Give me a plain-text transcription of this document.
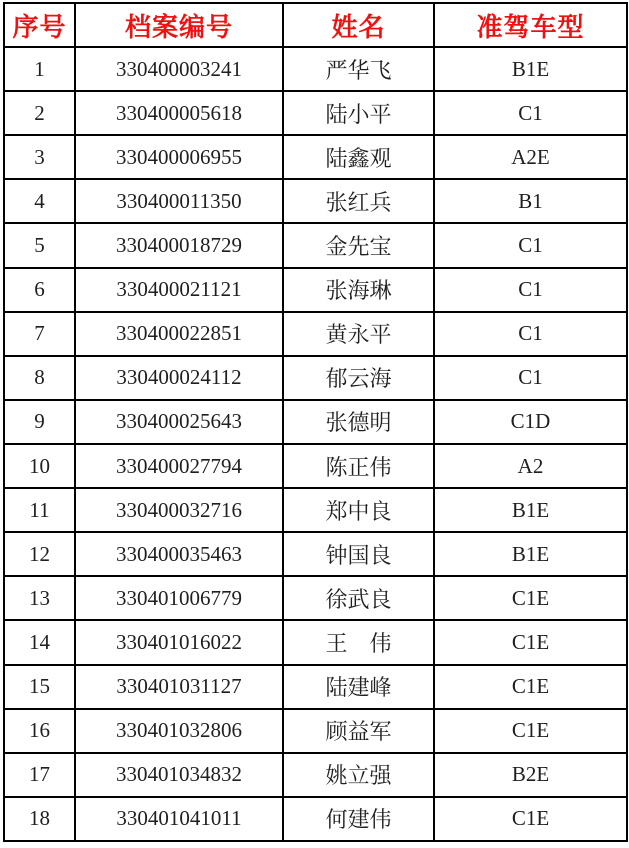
序号	档案编号	姓名	准驾车型
1	330400003241	严华飞	B1E
2	330400005618	陆小平	C1
3	330400006955	陆鑫观	A2E
4	330400011350	张红兵	B1
5	330400018729	金先宝	C1
6	330400021121	张海琳	C1
7	330400022851	黄永平	C1
8	330400024112	郁云海	C1
9	330400025643	张德明	C1D
10	330400027794	陈正伟	A2
11	330400032716	郑中良	B1E
12	330400035463	钟国良	B1E
13	330401006779	徐武良	C1E
14	330401016022	王　伟	C1E
15	330401031127	陆建峰	C1E
16	330401032806	顾益军	C1E
17	330401034832	姚立强	B2E
18	330401041011	何建伟	C1E
